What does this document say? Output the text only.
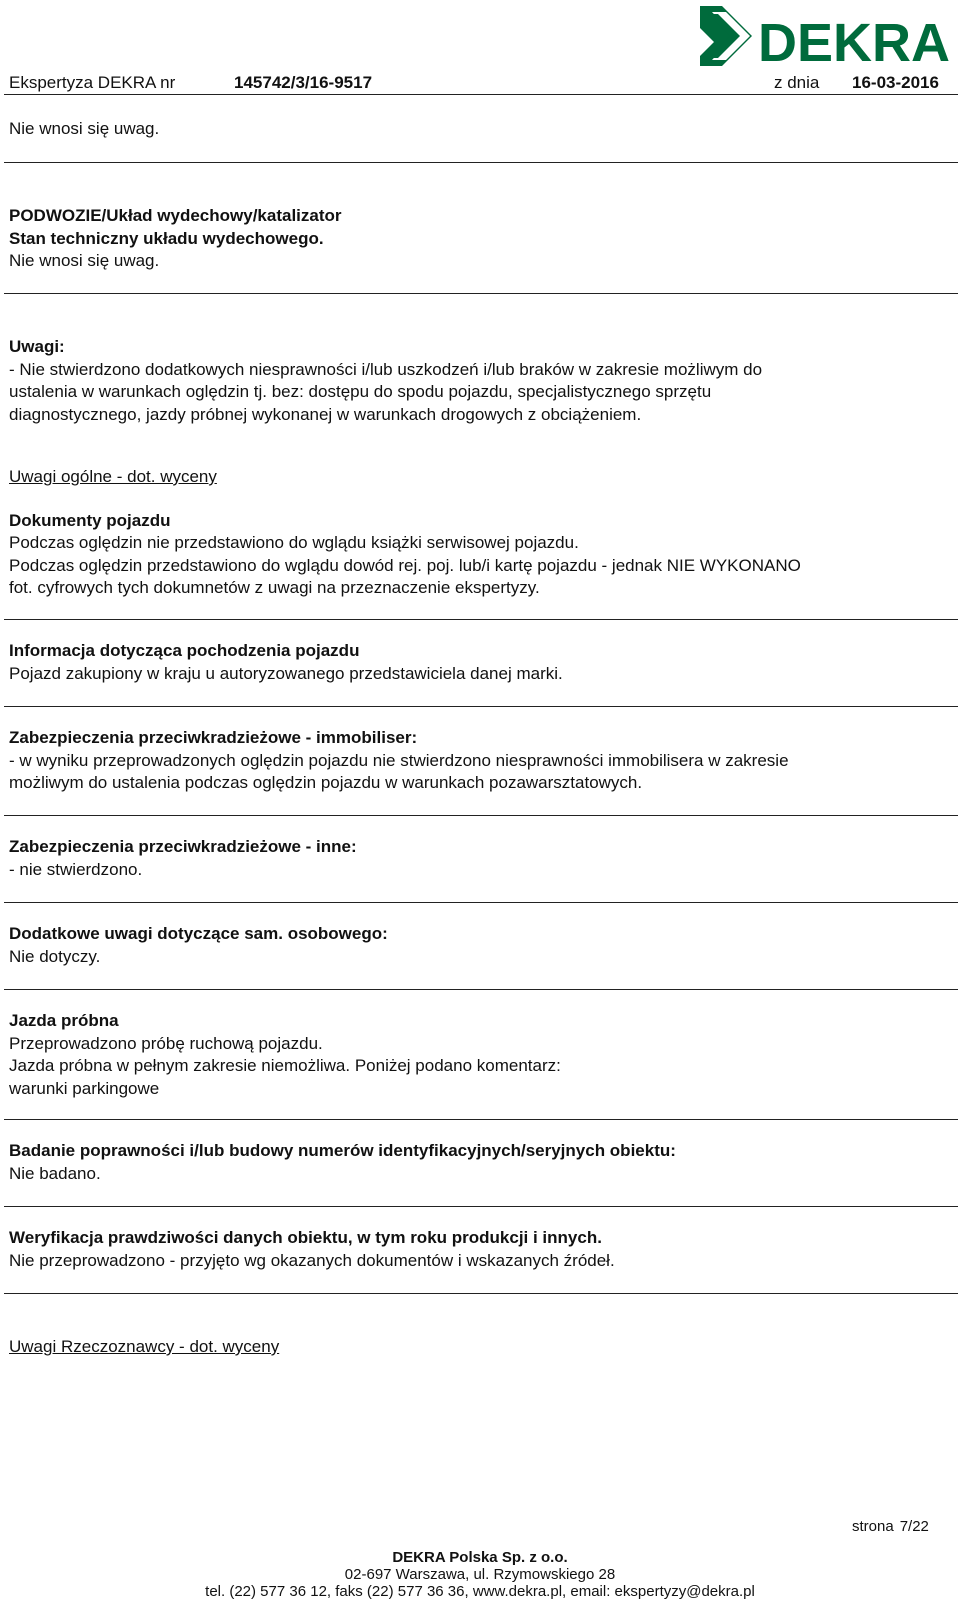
DEKRA
Ekspertyza DEKRA nr	145742/3/16-9517	z dnia 16-03-2016

Nie wnosi się uwag.

PODWOZIE/Układ wydechowy/katalizator

Stan techniczny układu wydechowego.

Nie wnosi się uwag.

Uwagi:

- Nie stwierdzono dodatkowych niesprawności i/lub uszkodzeń i/lub braków w zakresie możliwym do

ustalenia w warunkach oględzin tj. bez: dostępu do spodu pojazdu, specjalistycznego sprzętu

diagnostycznego, jazdy próbnej wykonanej w warunkach drogowych z obciążeniem.

Uwagi ogólne - dot. wyceny

Dokumenty pojazdu

Podczas oględzin nie przedstawiono do wglądu książki serwisowej pojazdu.

Podczas oględzin przedstawiono do wglądu dowód rej. poj. lub/i kartę pojazdu - jednak NIE WYKONANO

fot. cyfrowych tych dokumnetów z uwagi na przeznaczenie ekspertyzy.

Informacja dotycząca pochodzenia pojazdu

Pojazd zakupiony w kraju u autoryzowanego przedstawiciela danej marki.

Zabezpieczenia przeciwkradzieżowe - immobiliser:

- w wyniku przeprowadzonych oględzin pojazdu nie stwierdzono niesprawności immobilisera w zakresie

możliwym do ustalenia podczas oględzin pojazdu w warunkach pozawarsztatowych.

Zabezpieczenia przeciwkradzieżowe - inne:

- nie stwierdzono.

Dodatkowe uwagi dotyczące sam. osobowego:

Nie dotyczy.

Jazda próbna

Przeprowadzono próbę ruchową pojazdu.

Jazda próbna w pełnym zakresie niemożliwa. Poniżej podano komentarz:

warunki parkingowe

Badanie poprawności i/lub budowy numerów identyfikacyjnych/seryjnych obiektu:

Nie badano.

Weryfikacja prawdziwości danych obiektu, w tym roku produkcji i innych.

Nie przeprowadzono - przyjęto wg okazanych dokumentów i wskazanych źródeł.

Uwagi Rzeczoznawcy - dot. wyceny

strona 7/22

DEKRA Polska Sp. z o.o.

02-697 Warszawa, ul. Rzymowskiego 28

tel. (22) 577 36 12, faks (22) 577 36 36, www.dekra.pl, email: ekspertyzy@dekra.pl
